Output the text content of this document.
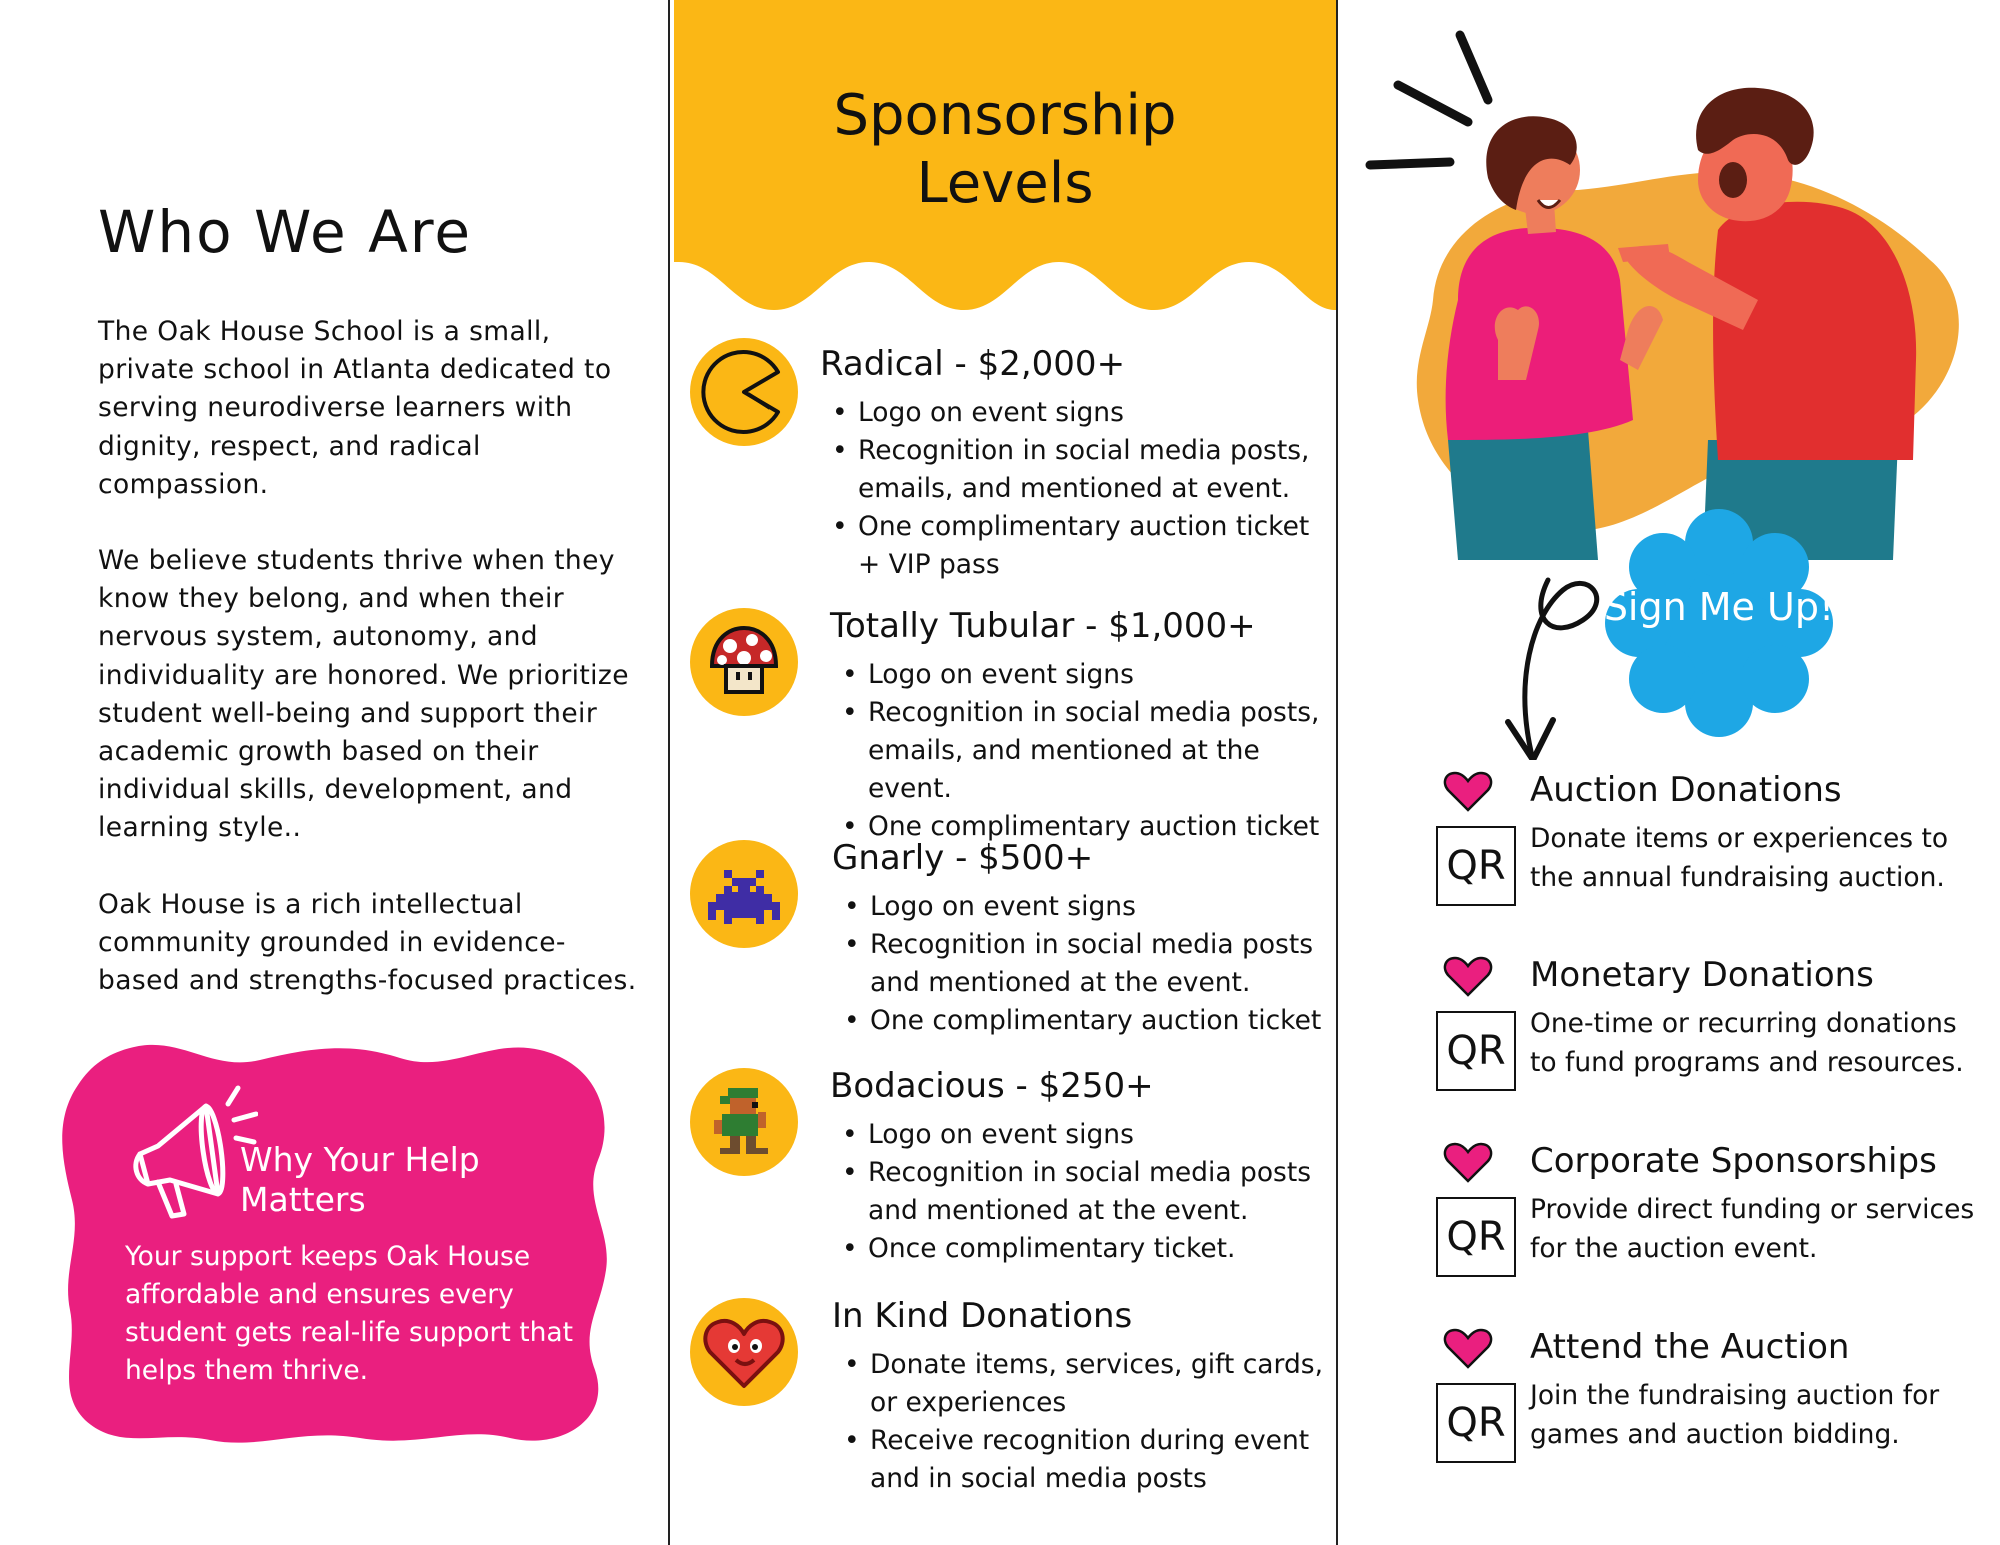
Who We Are

The Oak House School is a small, private school in Atlanta dedicated to serving neurodiverse learners with dignity, respect, and radical compassion.

We believe students thrive when they know they belong, and when their nervous system, autonomy, and individuality are honored. We prioritize student well-being and support their academic growth based on their individual skills, development, and learning style..

Oak House is a rich intellectual community grounded in evidence-based and strengths-focused practices.

Why Your Help Matters
Your support keeps Oak House affordable and ensures every student gets real-life support that helps them thrive.
Sponsorship
Levels
Radical - $2,000+
• Logo on event signs
• Recognition in social media posts, emails, and mentioned at event.
• One complimentary auction ticket + VIP pass
Totally Tubular - $1,000+
• Logo on event signs
• Recognition in social media posts, emails, and mentioned at the event.
• One complimentary auction ticket
Gnarly - $500+
• Logo on event signs
• Recognition in social media posts and mentioned at the event.
• One complimentary auction ticket
Bodacious - $250+
• Logo on event signs
• Recognition in social media posts and mentioned at the event.
• Once complimentary ticket.
In Kind Donations
• Donate items, services, gift cards, or experiences
• Receive recognition during event and in social media posts
Sign Me Up!
Auction Donations
QR
Donate items or experiences to the annual fundraising auction.
Monetary Donations
QR
One-time or recurring donations to fund programs and resources.
Corporate Sponsorships
QR
Provide direct funding or services for the auction event.
Attend the Auction
QR
Join the fundraising auction for games and auction bidding.
